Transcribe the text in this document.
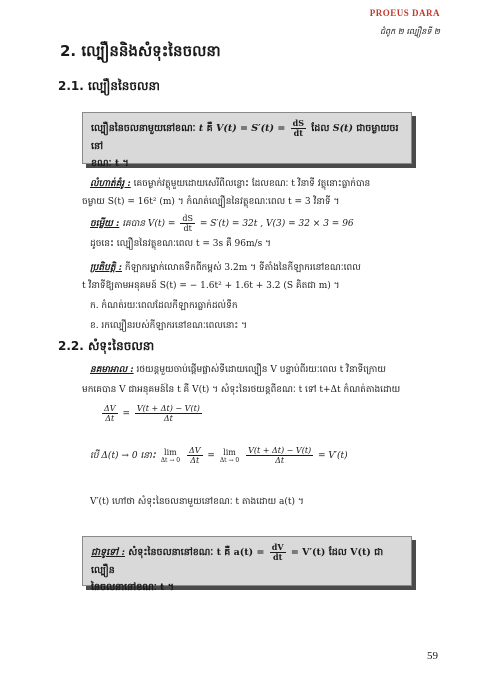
PROEUS DARA
ជំពូក ២ ល្បឿនទី ២
2. ល្បឿននិងសំទុះនៃចលនា
2.1. ល្បឿននៃចលនា
ល្បឿននៃចលនាមួយនៅខណៈ t គឺ $V(t) = S'(t) = \frac{dS}{dt}$ ដែល S(t) ជាចម្ងាយចរនៅ
ខណៈ t ។
លំហាត់គំរូ : គេចម្ងាក់វត្ថុមួយដោយសេរីពីលន្លោះ ដែលខណៈ t វិនាទី វត្ថុនោះធ្លាក់បាន
ចម្ងាយ S(t) = 16t² (m) ។ កំណត់ល្បឿននៃវត្ថុខណៈពេល t = 3 វិនាទី ។
ចម្លើយ : គេបាន $V(t) = \frac{dS}{dt} = S'(t) = 32t$ , V(3) = 32 × 3 = 96
ដូចនេះ ល្បឿននៃវត្ថុខណៈពេល t = 3s គឺ 96m/s ។
ប្រតិបត្តិ : កីឡាករម្នាក់លោតទឹកពីកម្ពស់ 3.2m ។ ទីតាំងនៃកីឡាករនៅខណៈពេល
t វិនាទីឱ្យតាមអនុគមន៍ S(t) = − 1.6t² + 1.6t + 3.2 (S គិតជា m) ។
ក. កំណត់រយៈពេលដែលកីឡាករធ្លាក់ដល់ទឹក
ខ. រកល្បឿនរបស់កីឡាករនៅខណៈពេលនោះ ។
2.2. សំទុះនៃចលនា
នគមាអាល : រថយន្តមួយចាប់ផ្ដើមផ្លាស់ទីដោយល្បឿន V បន្ទាប់ពីរយៈពេល t វិនាទីក្រោយ
មកគេបាន V ជាអនុគមន៍នៃ t គឺ V(t) ។ សំទុះនៃរថយន្តពីខណៈ t ទៅ t+Δt កំណត់តាងដោយ
$\frac{\Delta V}{\Delta t} = \frac{V(t + \Delta t) - V(t)}{\Delta t}$
បើ Δ(t) → 0 នោះ lim
Δt → 0
$\frac{\Delta V}{\Delta t} = \lim$
Δt → 0
$\frac{V(t + \Delta t) - V(t)}{\Delta t} = V'(t)$
V′(t) ហៅថា សំទុះនៃចលនាមួយនៅខណៈ t តាងដោយ a(t) ។
ជាទូទៅ : សំទុះនៃចលនានៅខណៈ t គឺ $a(t) = \frac{dV}{dt} = V'(t)$ ដែល V(t) ជាល្បឿន
នៃចលនានៅខណៈ t ។
59
